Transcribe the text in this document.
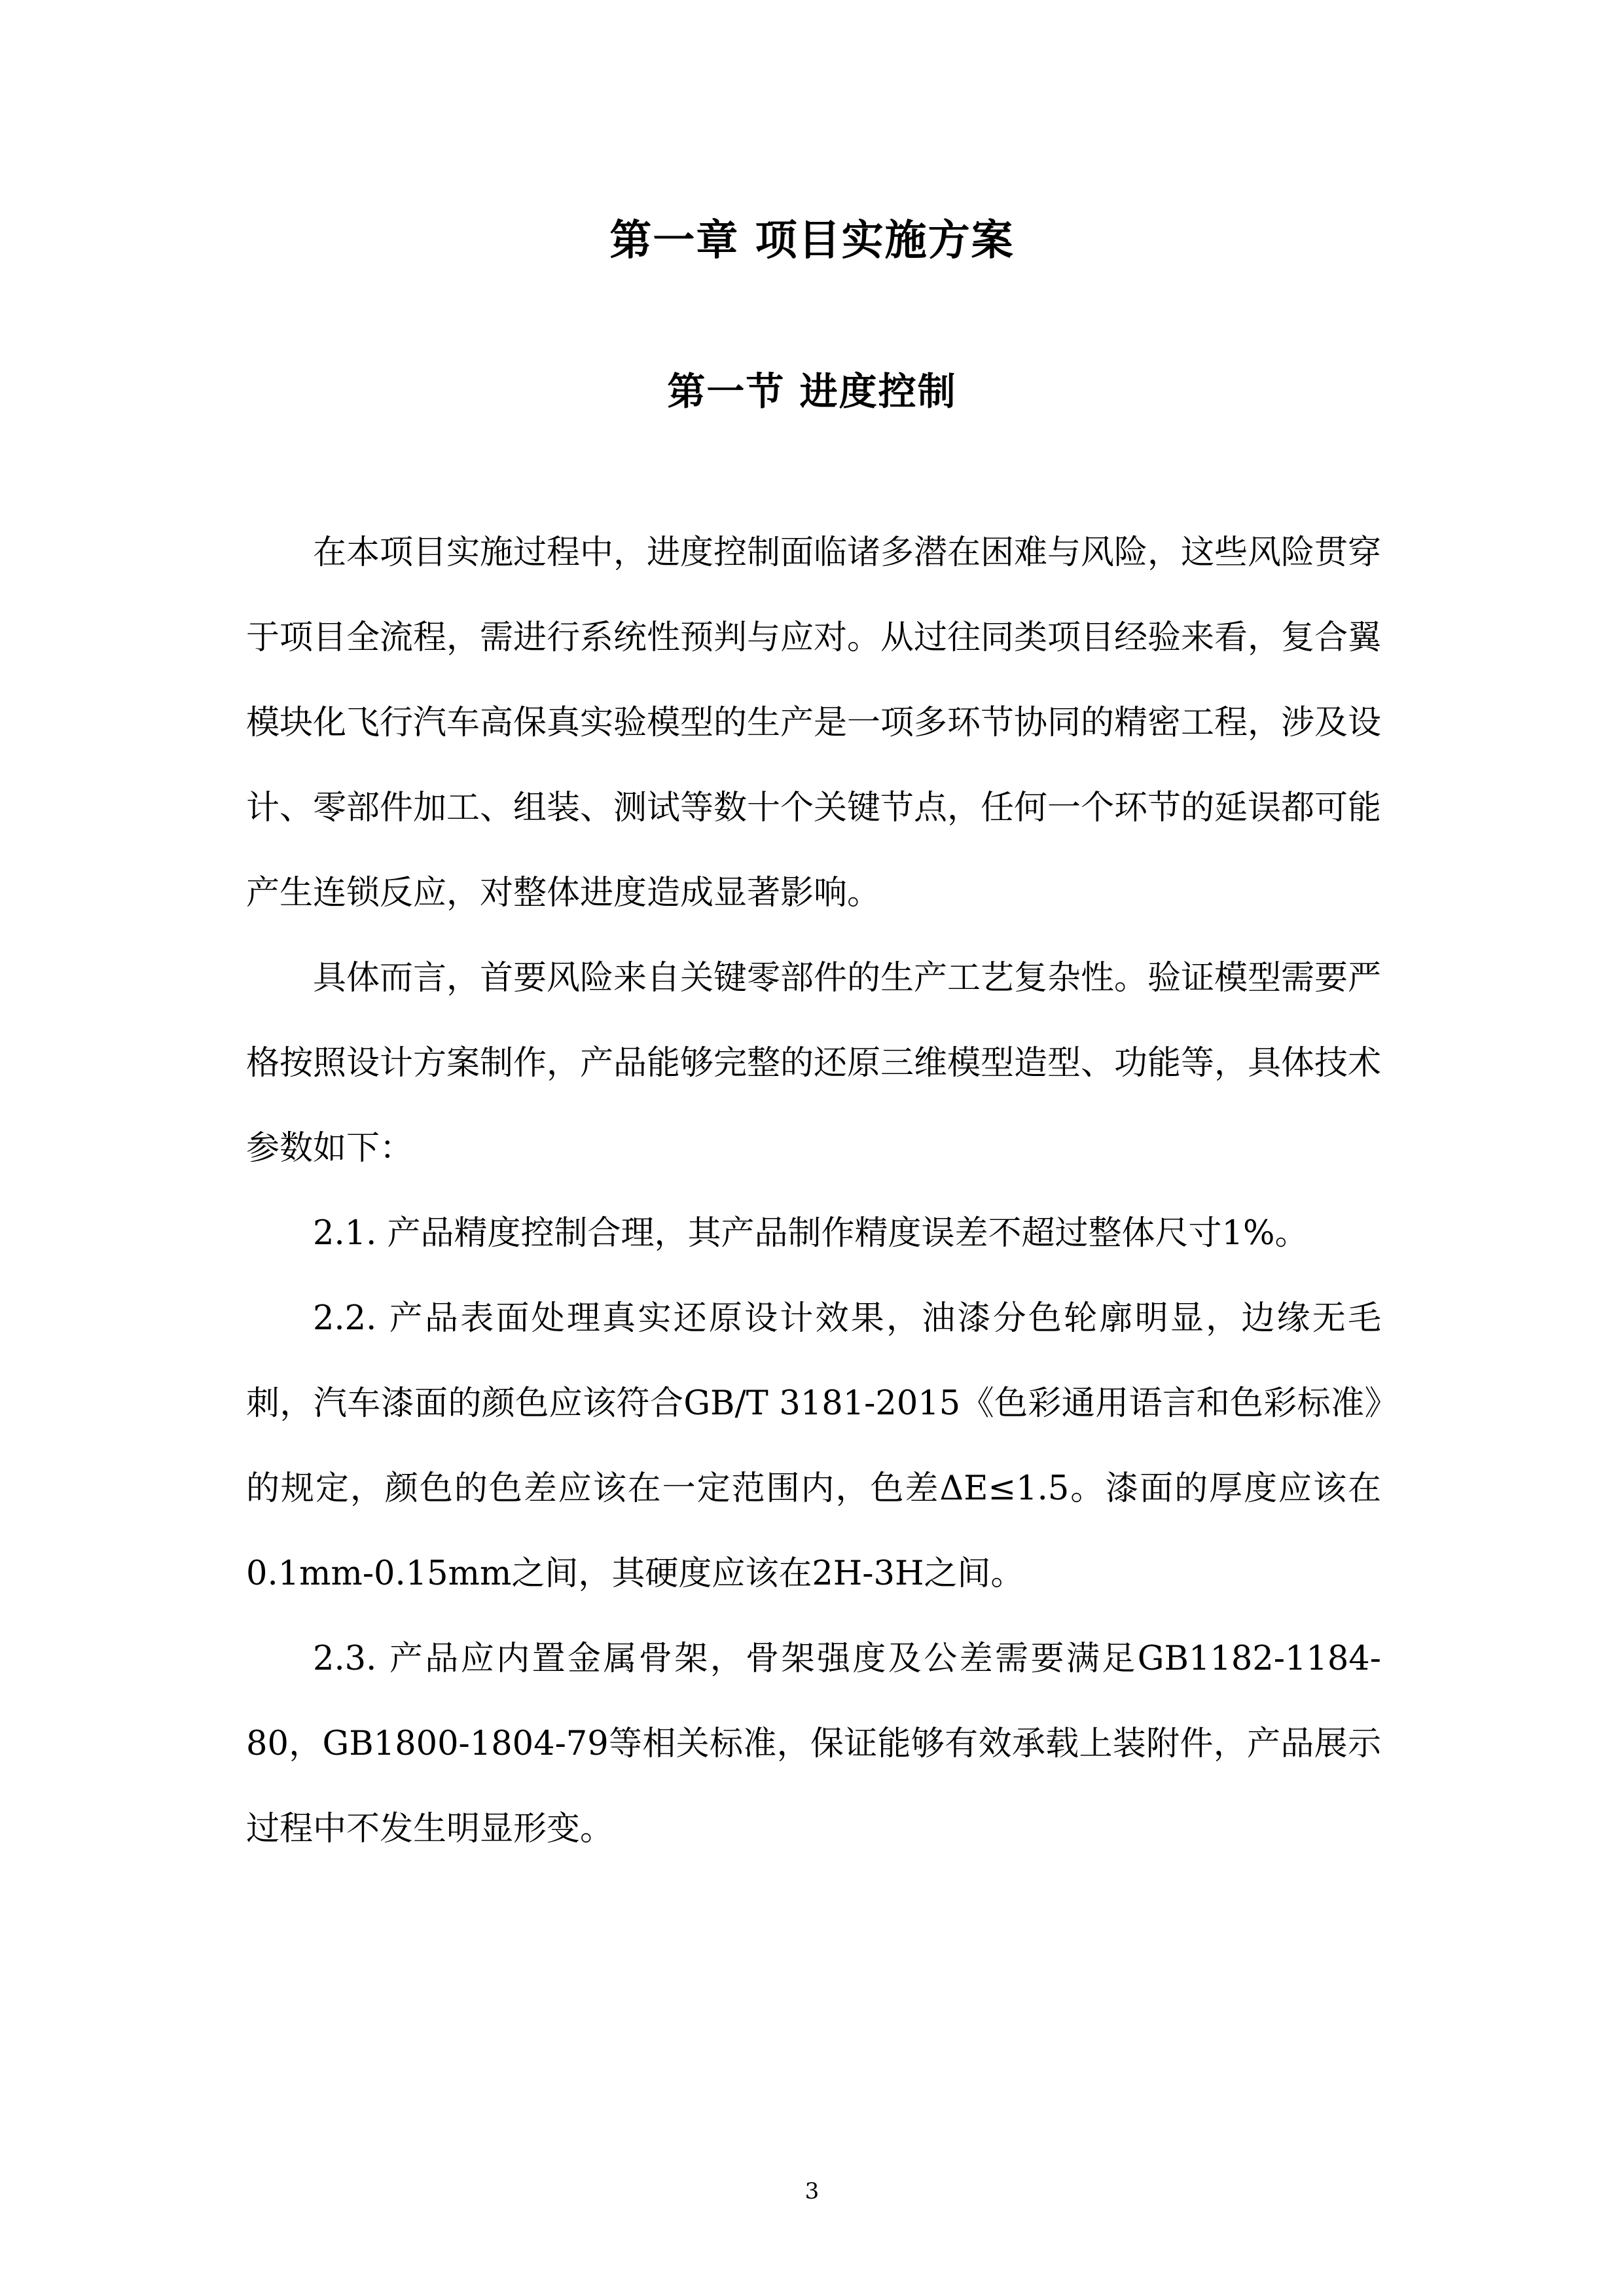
第一章 项目实施方案
第一节 进度控制

在本项目实施过程中，进度控制面临诸多潜在困难与风险，这些风险贯穿于项目全流程，需进行系统性预判与应对。从过往同类项目经验来看，复合翼模块化飞行汽车高保真实验模型的生产是一项多环节协同的精密工程，涉及设计、零部件加工、组装、测试等数十个关键节点，任何一个环节的延误都可能产生连锁反应，对整体进度造成显著影响。

具体而言，首要风险来自关键零部件的生产工艺复杂性。验证模型需要严格按照设计方案制作，产品能够完整的还原三维模型造型、功能等，具体技术参数如下：

2.1. 产品精度控制合理，其产品制作精度误差不超过整体尺寸1%。

2.2. 产品表面处理真实还原设计效果，油漆分色轮廓明显，边缘无毛刺，汽车漆面的颜色应该符合GB/T 3181-2015《色彩通用语言和色彩标准》的规定，颜色的色差应该在一定范围内，色差ΔE≤1.5。漆面的厚度应该在0.1mm-0.15mm之间，其硬度应该在2H-3H之间。

2.3. 产品应内置金属骨架，骨架强度及公差需要满足GB1182-1184-80，GB1800-1804-79等相关标准，保证能够有效承载上装附件，产品展示过程中不发生明显形变。

3
